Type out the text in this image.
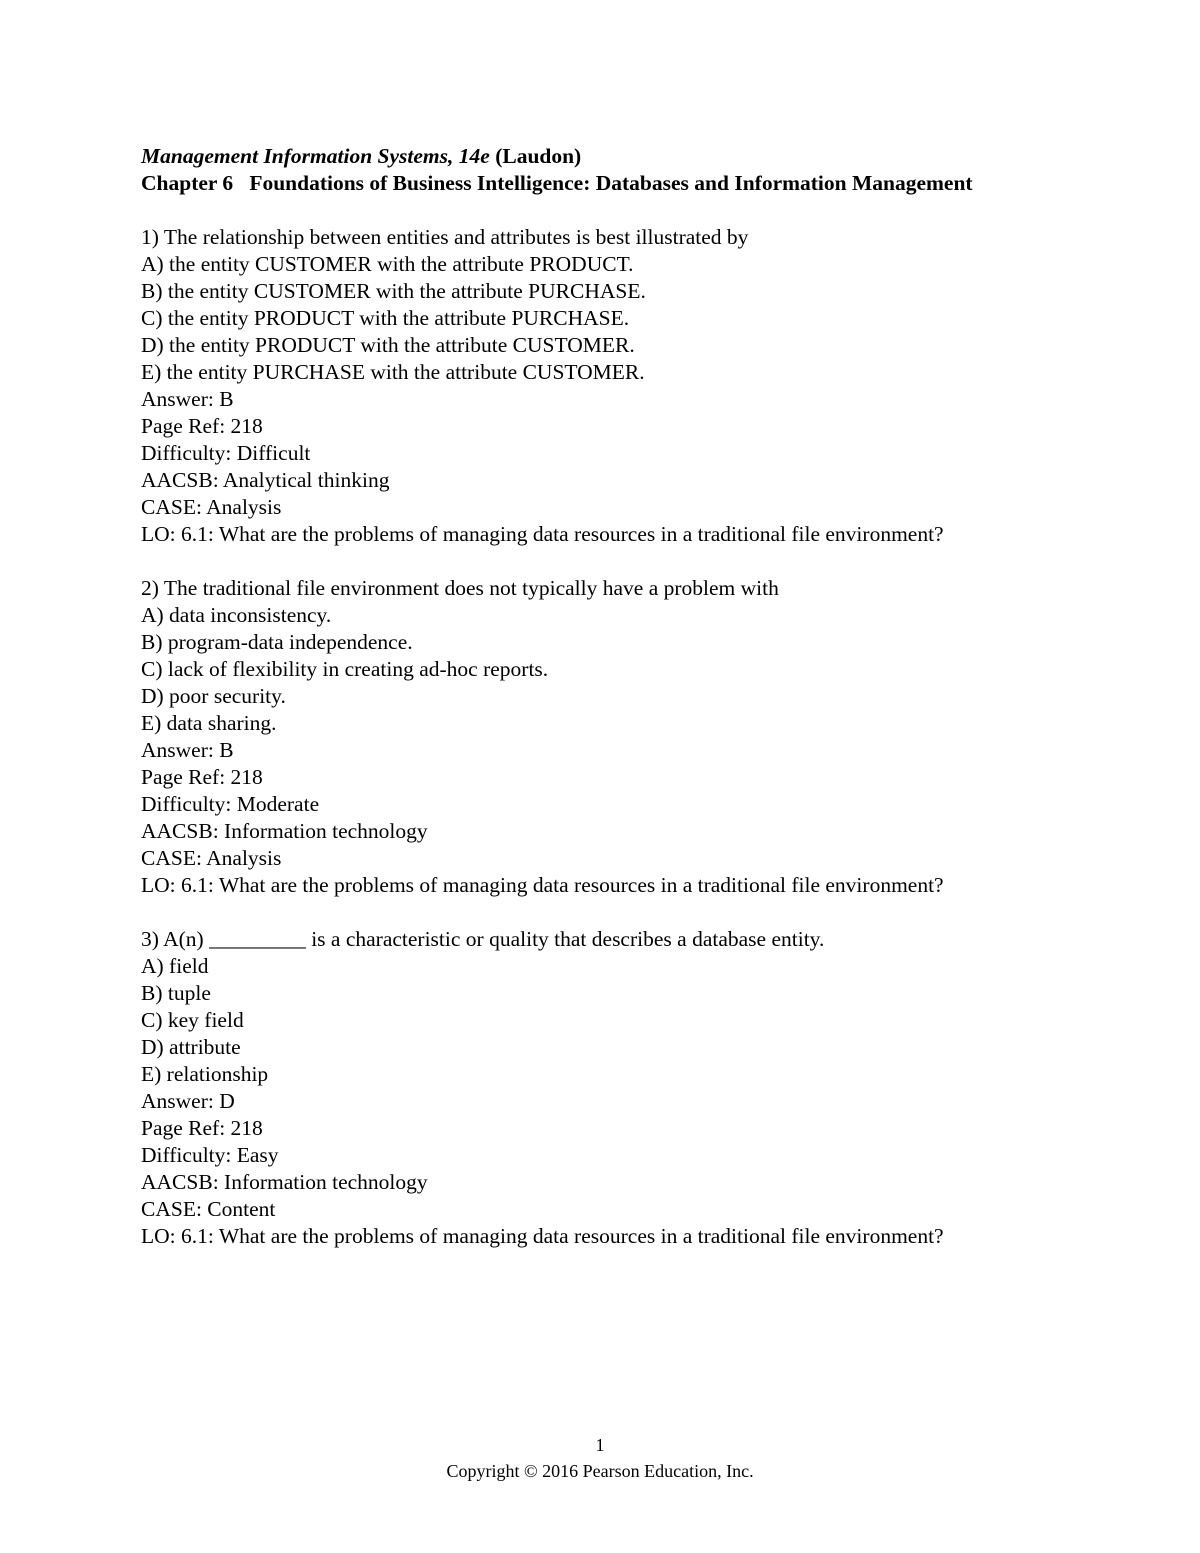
Management Information Systems, 14e (Laudon)
Chapter 6 Foundations of Business Intelligence: Databases and Information Management
1) The relationship between entities and attributes is best illustrated by
A) the entity CUSTOMER with the attribute PRODUCT.
B) the entity CUSTOMER with the attribute PURCHASE.
C) the entity PRODUCT with the attribute PURCHASE.
D) the entity PRODUCT with the attribute CUSTOMER.
E) the entity PURCHASE with the attribute CUSTOMER.
Answer: B
Page Ref: 218
Difficulty: Difficult
AACSB: Analytical thinking
CASE: Analysis
LO: 6.1: What are the problems of managing data resources in a traditional file environment?
2) The traditional file environment does not typically have a problem with
A) data inconsistency.
B) program-data independence.
C) lack of flexibility in creating ad-hoc reports.
D) poor security.
E) data sharing.
Answer: B
Page Ref: 218
Difficulty: Moderate
AACSB: Information technology
CASE: Analysis
LO: 6.1: What are the problems of managing data resources in a traditional file environment?
3) A(n) _________ is a characteristic or quality that describes a database entity.
A) field
B) tuple
C) key field
D) attribute
E) relationship
Answer: D
Page Ref: 218
Difficulty: Easy
AACSB: Information technology
CASE: Content
LO: 6.1: What are the problems of managing data resources in a traditional file environment?
1
Copyright © 2016 Pearson Education, Inc.
